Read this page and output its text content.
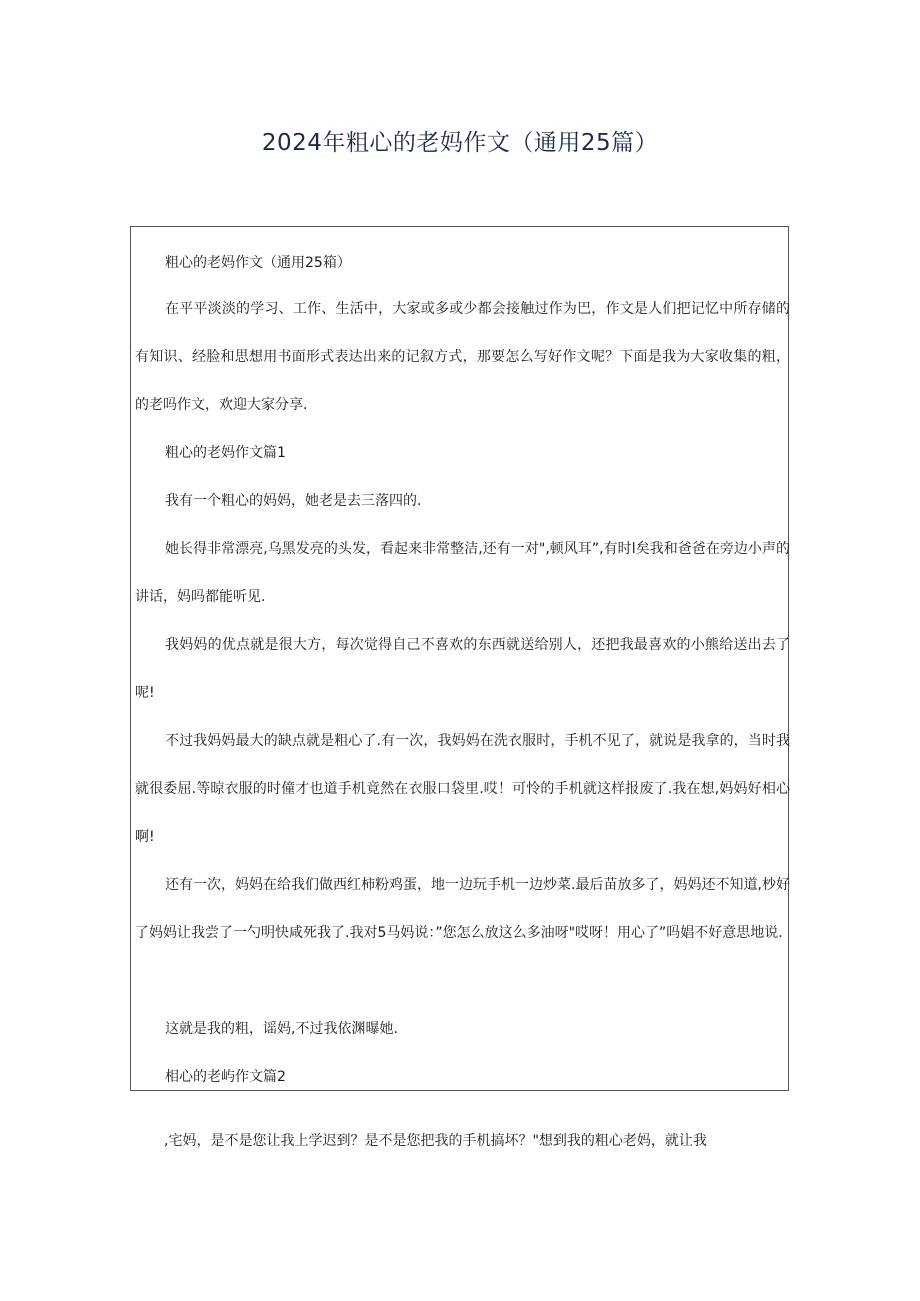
2024年粗心的老妈作文（通用25篇）

粗心的老妈作文（通用25箱）

在平平淡淡的学习、工作、生活中，大家或多或少都会接触过作为巴，作文是人们把记忆中所存储的有知识、经脸和思想用书面形式表达出来的记叙方式，那要怎么写好作文呢？下面是我为大家收集的粗，的老吗作文，欢迎大家分享.

粗心的老妈作文篇1

我有一个粗心的妈妈，她老是去三落四的.

她长得非常漂亮,乌黑发亮的头发，看起来非常整洁,还有一对",顿风耳”,有时l矣我和爸爸在旁边小声的讲话，妈吗都能听见.

我妈妈的优点就是很大方，每次觉得自己不喜欢的东西就送给别人，还把我最喜欢的小熊给送出去了呢!

不过我妈妈最大的缺点就是粗心了.有一次，我妈妈在洗衣服时，手机不见了，就说是我拿的，当时我就很委屈.等晾衣服的时僮才也道手机竟然在衣服口袋里.哎！可怜的手机就这样报废了.我在想,妈妈好相心啊!

还有一次，妈妈在给我们做西红柿粉鸡蛋，地一边玩手机一边炒菜.最后苗放多了，妈妈还不知道,杪好了妈妈让我尝了一勺明快咸死我了.我对5马妈说：”您怎么放这么多油呀"哎呀！用心了”吗娼不好意思地说.

这就是我的粗，谣妈,不过我依渊曝她.

相心的老屿作文篇2

,宅妈，是不是您让我上学迟到？是不是您把我的手机搞坏？"想到我的粗心老妈，就让我
